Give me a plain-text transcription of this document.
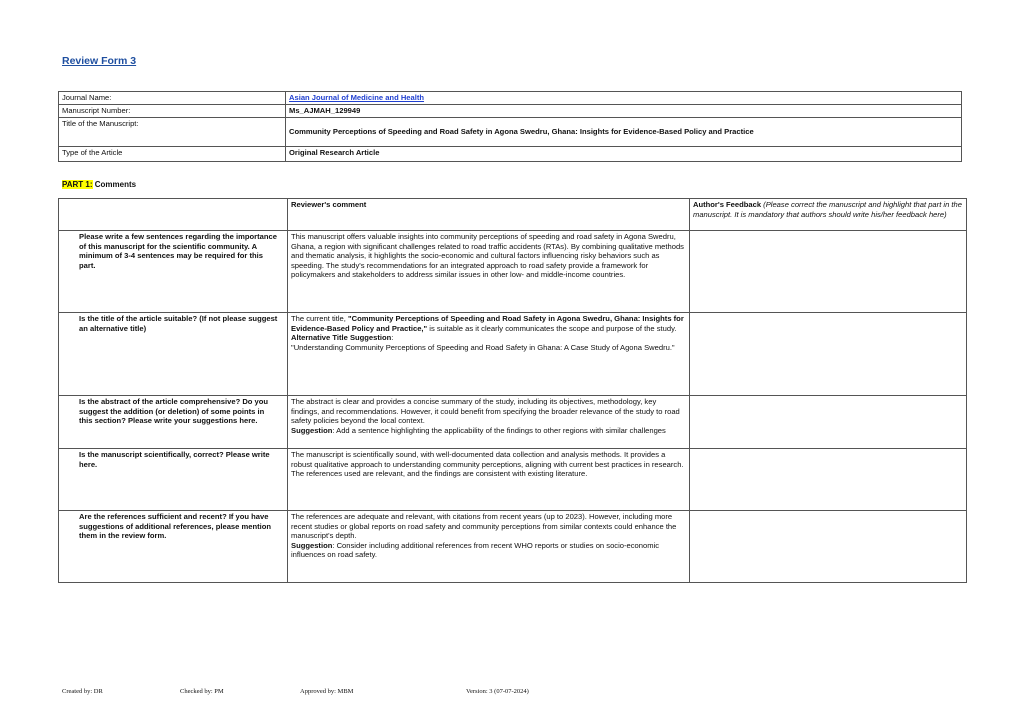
Review Form 3
Journal Name:	Asian Journal of Medicine and Health
Manuscript Number:	Ms_AJMAH_129949
Title of the Manuscript:	Community Perceptions of Speeding and Road Safety in Agona Swedru, Ghana: Insights for Evidence-Based Policy and Practice
Type of the Article	Original Research Article
PART 1: Comments
	Reviewer's comment	Author's Feedback (Please correct the manuscript and highlight that part in the manuscript. It is mandatory that authors should write his/her feedback here)
Please write a few sentences regarding the importance of this manuscript for the scientific community. A minimum of 3-4 sentences may be required for this part.	This manuscript offers valuable insights into community perceptions of speeding and road safety in Agona Swedru, Ghana, a region with significant challenges related to road traffic accidents (RTAs). By combining qualitative methods and thematic analysis, it highlights the socio-economic and cultural factors influencing risky behaviors such as speeding. The study's recommendations for an integrated approach to road safety provide a framework for policymakers and stakeholders to address similar issues in other low- and middle-income countries.	
Is the title of the article suitable? (If not please suggest an alternative title)	The current title, "Community Perceptions of Speeding and Road Safety in Agona Swedru, Ghana: Insights for Evidence-Based Policy and Practice," is suitable as it clearly communicates the scope and purpose of the study.
Alternative Title Suggestion:
"Understanding Community Perceptions of Speeding and Road Safety in Ghana: A Case Study of Agona Swedru."	
Is the abstract of the article comprehensive? Do you suggest the addition (or deletion) of some points in this section? Please write your suggestions here.	The abstract is clear and provides a concise summary of the study, including its objectives, methodology, key findings, and recommendations. However, it could benefit from specifying the broader relevance of the study to road safety policies beyond the local context.
Suggestion: Add a sentence highlighting the applicability of the findings to other regions with similar challenges	
Is the manuscript scientifically, correct? Please write here.	The manuscript is scientifically sound, with well-documented data collection and analysis methods. It provides a robust qualitative approach to understanding community perceptions, aligning with current best practices in research. The references used are relevant, and the findings are consistent with existing literature.	
Are the references sufficient and recent? If you have suggestions of additional references, please mention them in the review form.	The references are adequate and relevant, with citations from recent years (up to 2023). However, including more recent studies or global reports on road safety and community perceptions from similar contexts could enhance the manuscript's depth.
Suggestion: Consider including additional references from recent WHO reports or studies on socio-economic influences on road safety.	
Created by: DR	Checked by: PM	Approved by: MBM	Version: 3 (07-07-2024)
